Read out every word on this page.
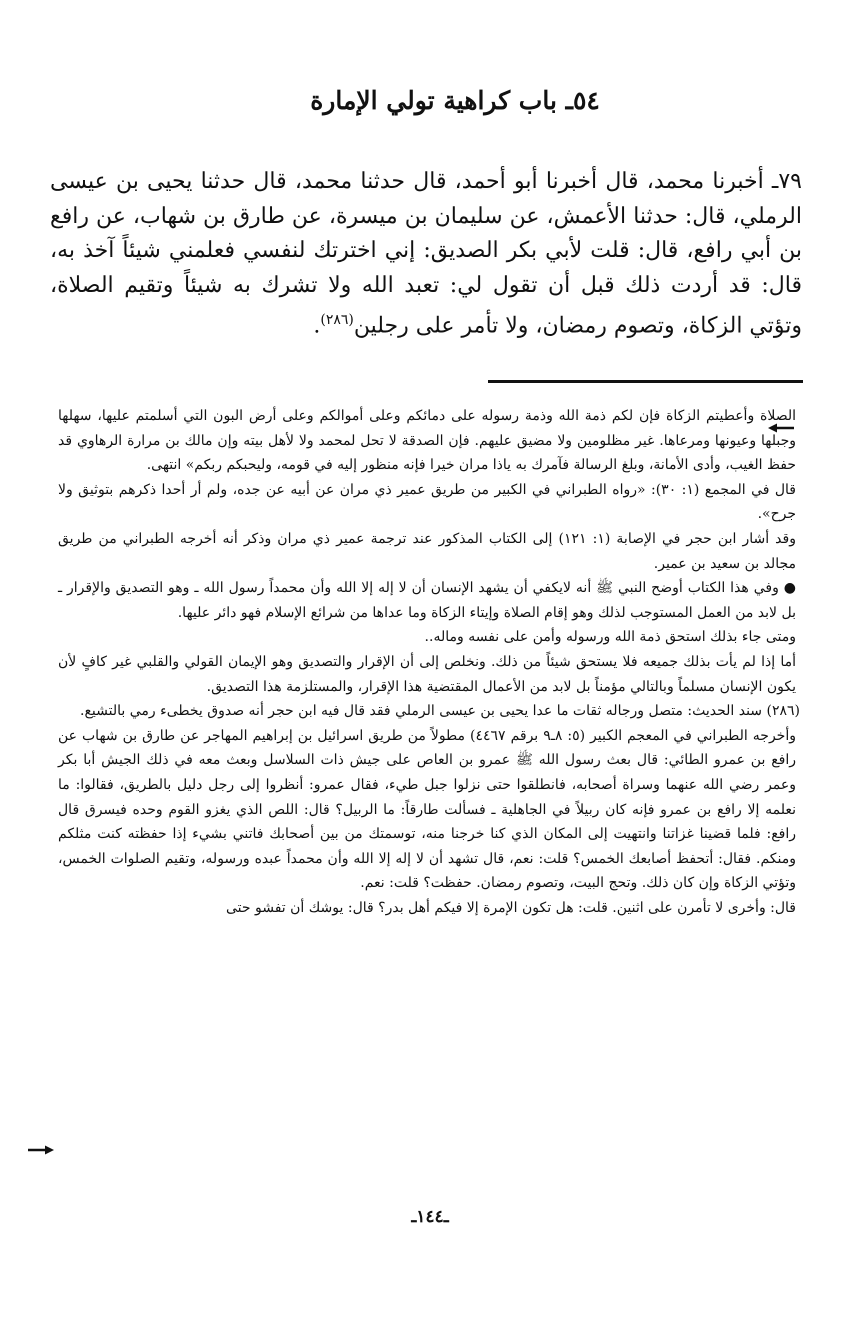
٥٤ـ باب كراهية تولي الإمارة

٧٩ـ أخبرنا محمد، قال أخبرنا أبو أحمد، قال حدثنا محمد، قال حدثنا يحيى بن عيسى الرملي، قال: حدثنا الأعمش، عن سليمان بن ميسرة، عن طارق بن شهاب، عن رافع بن أبي رافع، قال: قلت لأبي بكر الصديق: إني اخترتك لنفسي فعلمني شيئاً آخذ به، قال: قد أردت ذلك قبل أن تقول لي: تعبد الله ولا تشرك به شيئاً وتقيم الصلاة، وتؤتي الزكاة، وتصوم رمضان، ولا تأمر على رجلين$^{(٢٨٦)}$.

الصلاة وأعطيتم الزكاة فإن لكم ذمة الله وذمة رسوله على دمائكم وعلى أموالكم وعلى أرض البون التي أسلمتم عليها، سهلها وجبلها وعيونها ومرعاها. غير مظلومين ولا مضيق عليهم. فإن الصدقة لا تحل لمحمد ولا لأهل بيته وإن مالك بن مرارة الرهاوي قد حفظ الغيب، وأدى الأمانة، وبلغ الرسالة فآمرك به ياذا مران خيرا فإنه منظور إليه في قومه، وليحبكم ربكم» انتهى.

قال في المجمع (١: ٣٠): «رواه الطبراني في الكبير من طريق عمير ذي مران عن أبيه عن جده، ولم أر أحدا ذكرهم بتوثيق ولا جرح».

وقد أشار ابن حجر في الإصابة (١: ١٢١) إلى الكتاب المذكور عند ترجمة عمير ذي مران وذكر أنه أخرجه الطبراني من طريق مجالد بن سعيد بن عمير.

● وفي هذا الكتاب أوضح النبي ﷺ أنه لايكفي أن يشهد الإنسان أن لا إله إلا الله وأن محمداً رسول الله ـ وهو التصديق والإقرار ـ بل لابد من العمل المستوجب لذلك وهو إقام الصلاة وإيتاء الزكاة وما عداها من شرائع الإسلام فهو دائر عليها.

ومتى جاء بذلك استحق ذمة الله ورسوله وأمن على نفسه وماله..

أما إذا لم يأت بذلك جميعه فلا يستحق شيئاً من ذلك. ونخلص إلى أن الإقرار والتصديق وهو الإيمان القولي والقلبي غير كافٍ لأن يكون الإنسان مسلماً وبالتالي مؤمناً بل لابد من الأعمال المقتضية هذا الإقرار، والمستلزمة هذا التصديق.

(٢٨٦) سند الحديث: متصل ورجاله ثقات ما عدا يحيى بن عيسى الرملي فقد قال فيه ابن حجر أنه صدوق يخطىء رمي بالتشيع.

وأخرجه الطبراني في المعجم الكبير (٥: ٨ـ٩ برقم ٤٤٦٧) مطولاً من طريق اسرائيل بن إبراهيم المهاجر عن طارق بن شهاب عن رافع بن عمرو الطائي: قال بعث رسول الله ﷺ عمرو بن العاص على جيش ذات السلاسل وبعث معه في ذلك الجيش أبا بكر وعمر رضي الله عنهما وسراة أصحابه، فانطلقوا حتى نزلوا جبل طيء، فقال عمرو: أنظروا إلى رجل دليل بالطريق، فقالوا: ما نعلمه إلا رافع بن عمرو فإنه كان ربيلاً في الجاهلية ـ فسألت طارقاً: ما الربيل؟ قال: اللص الذي يغزو القوم وحده فيسرق قال رافع: فلما قضينا غزاتنا وانتهيت إلى المكان الذي كنا خرجنا منه، توسمتك من بين أصحابك فاتني بشيء إذا حفظته كنت مثلكم ومنكم. فقال: أتحفظ أصابعك الخمس؟ قلت: نعم، قال تشهد أن لا إله إلا الله وأن محمداً عبده ورسوله، وتقيم الصلوات الخمس، وتؤتي الزكاة وإن كان ذلك. وتحج البيت، وتصوم رمضان. حفظت؟ قلت: نعم.

قال: وأخرى لا تأمرن على اثنين. قلت: هل تكون الإمرة إلا فيكم أهل بدر؟ قال: يوشك أن تفشو حتى

ـ١٤٤ـ
